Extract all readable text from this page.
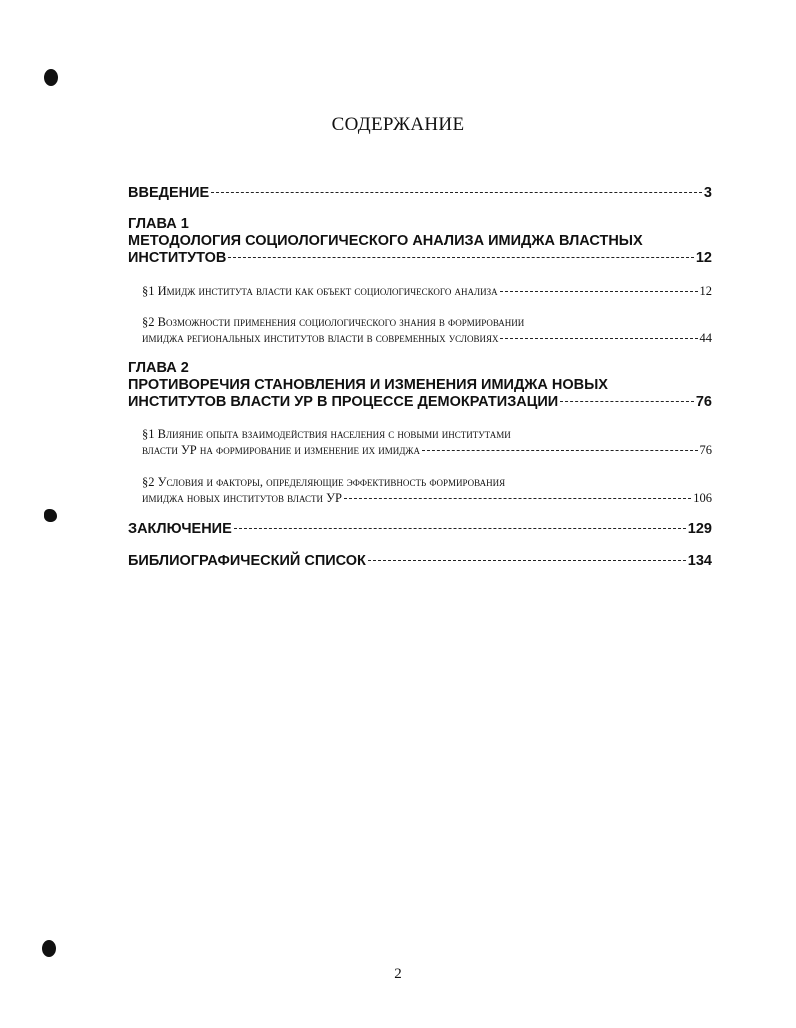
СОДЕРЖАНИЕ
ВВЕДЕНИЕ	3
ГЛАВА 1
МЕТОДОЛОГИЯ СОЦИОЛОГИЧЕСКОГО АНАЛИЗА ИМИДЖА ВЛАСТНЫХ
ИНСТИТУТОВ	12
§1 Имидж института власти как объект социологического анализа	12
§2 Возможности применения социологического знания в формировании
имиджа региональных институтов власти в современных условиях	44
ГЛАВА 2
ПРОТИВОРЕЧИЯ СТАНОВЛЕНИЯ И ИЗМЕНЕНИЯ ИМИДЖА НОВЫХ
ИНСТИТУТОВ ВЛАСТИ УР В ПРОЦЕССЕ ДЕМОКРАТИЗАЦИИ	76
§1 Влияние опыта взаимодействия населения с новыми институтами
власти УР на формирование и изменение их имиджа	76
§2 Условия и факторы, определяющие эффективность формирования
имиджа новых институтов власти УР	106
ЗАКЛЮЧЕНИЕ	129
БИБЛИОГРАФИЧЕСКИЙ СПИСОК	134
2
